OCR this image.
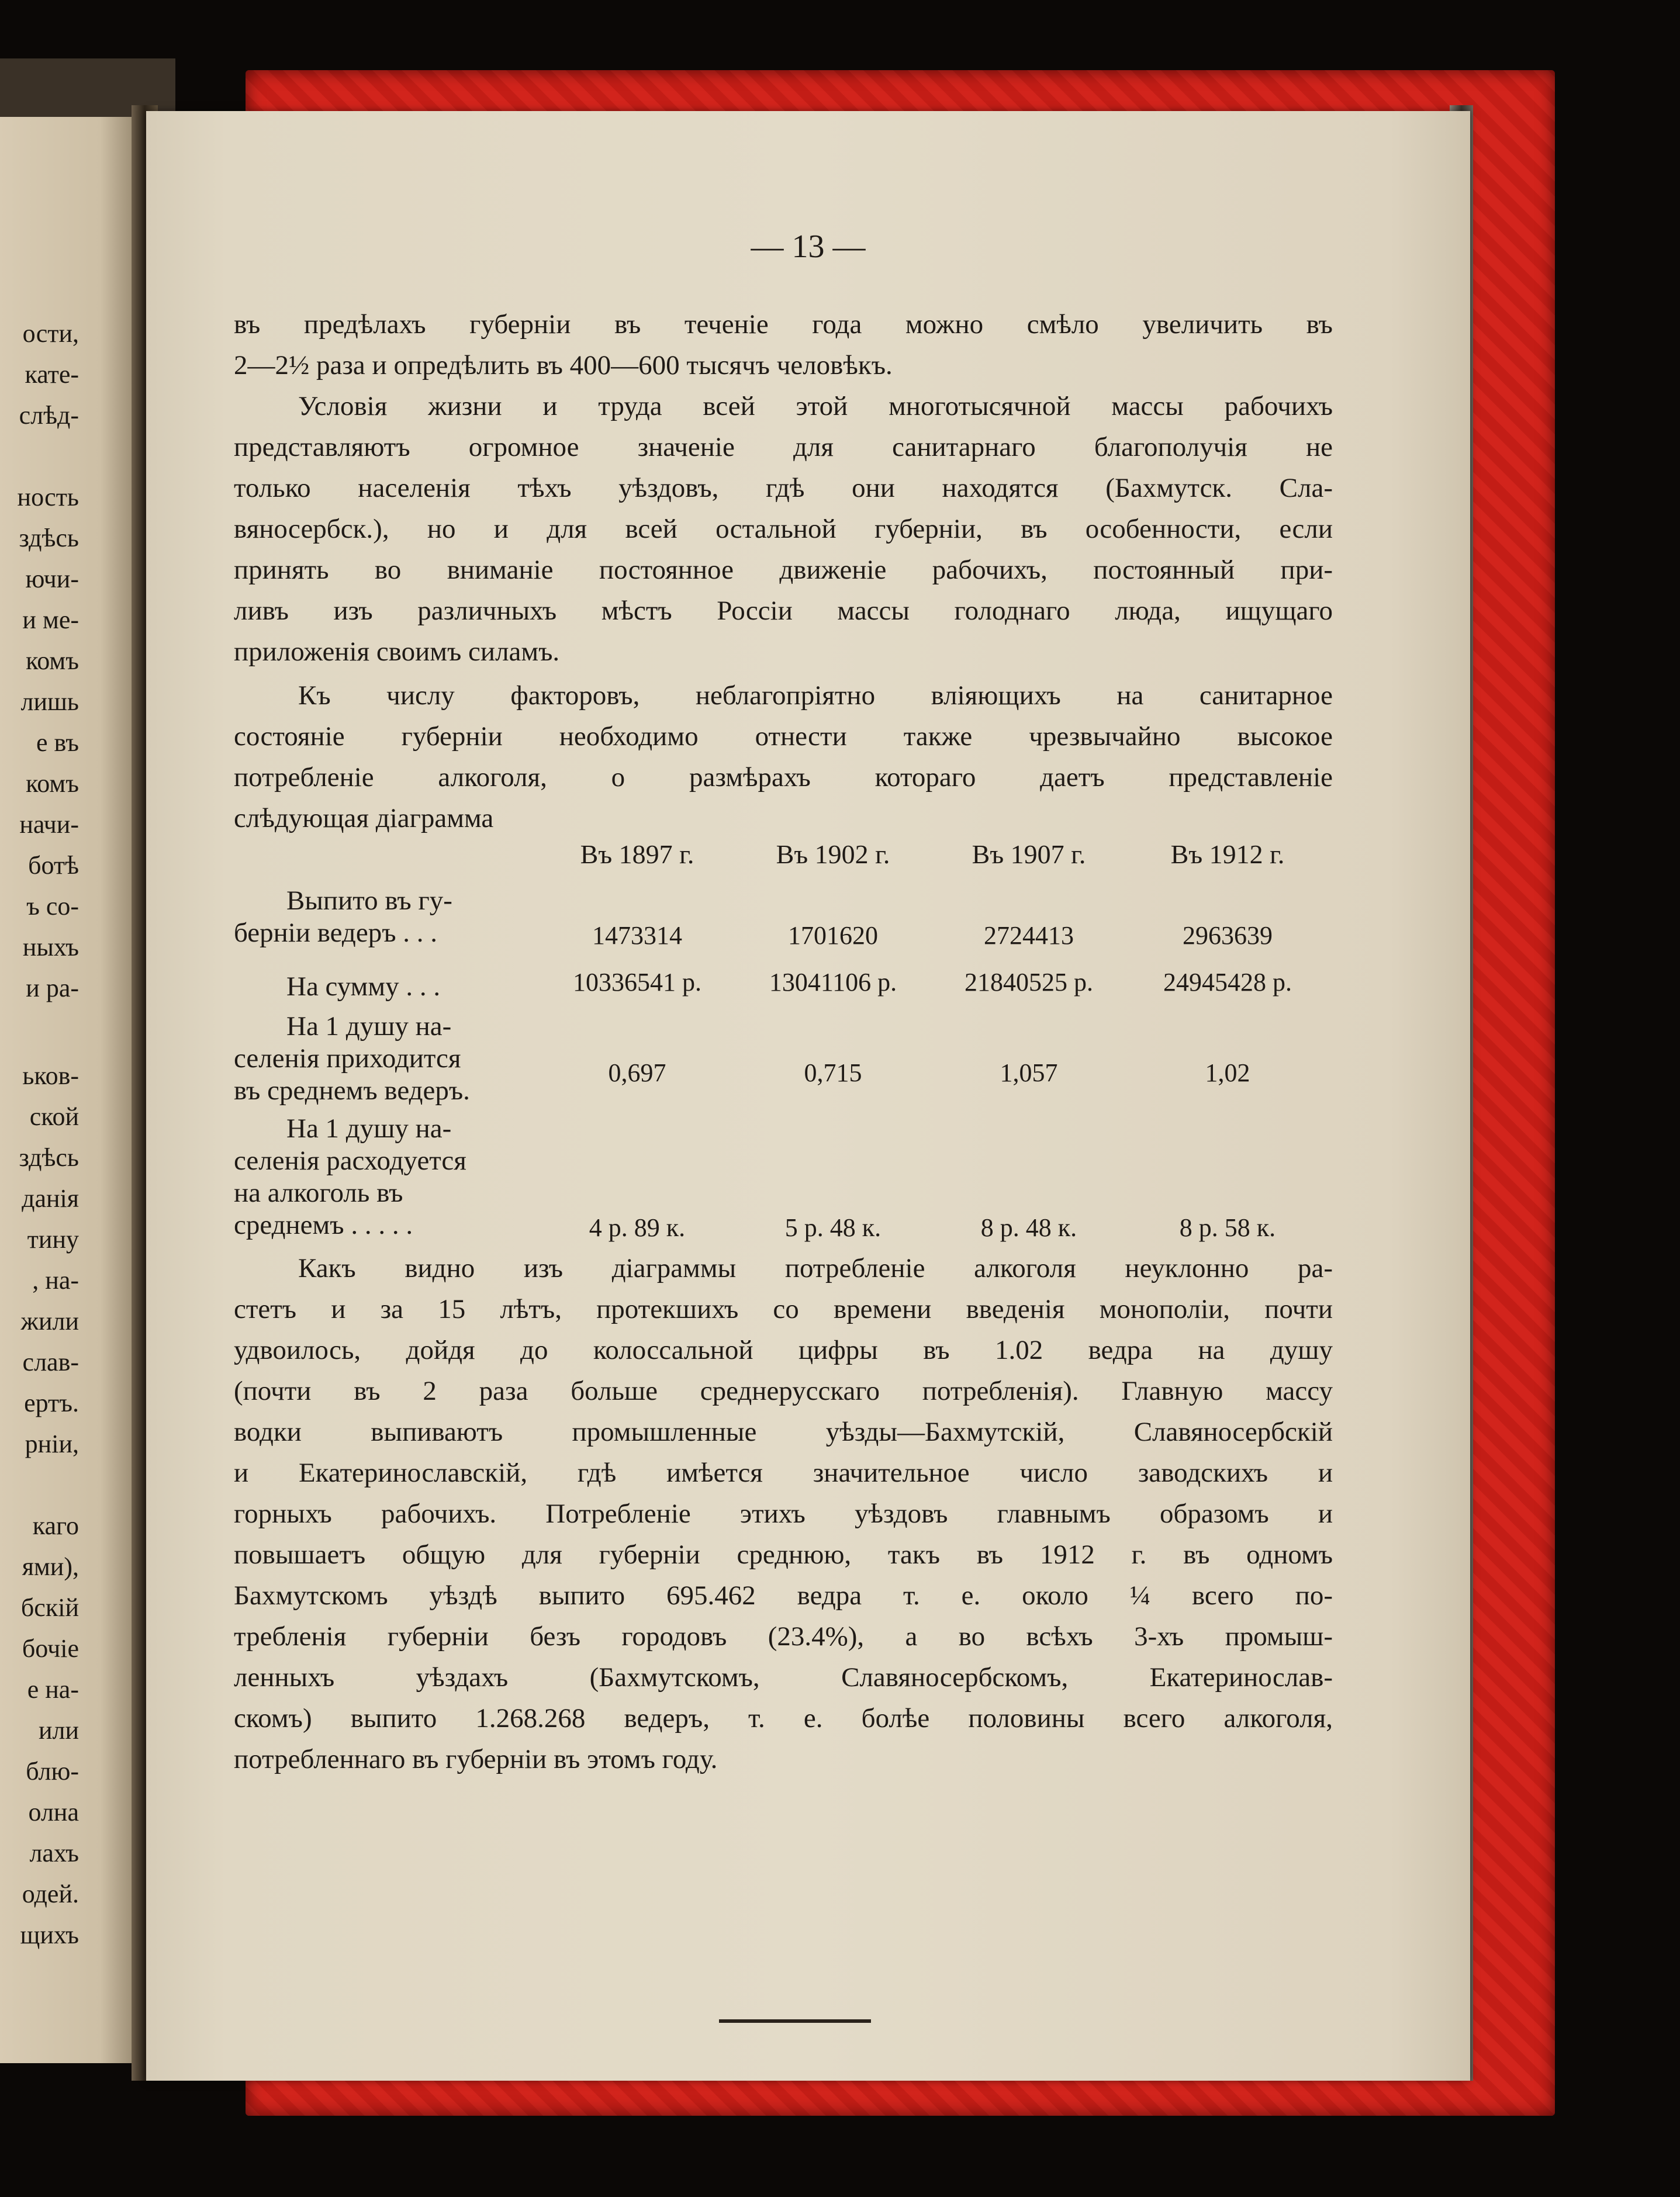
ости,
кате-
слѣд-
ность
здѣсь
ючи-
и ме-
комъ
лишь
е въ
комъ
начи-
ботѣ
ъ со-
ныхъ
и ра-
ьков-
ской
здѣсь
данія
тину
, на-
жили
слав-
ертъ.
рніи,
каго
ями),
бскій
бочіе
е на-
или
блю-
олна
лахъ
одей.
щихъ
— 13 —

въ предѣлахъ губерніи въ теченіе года можно смѣло увеличить въ

2—2½ раза и опредѣлить въ 400—600 тысячъ человѣкъ.

Условія жизни и труда всей этой многотысячной массы рабочихъ

представляютъ огромное значеніе для санитарнаго благополучія не

только населенія тѣхъ уѣздовъ, гдѣ они находятся (Бахмутск. Сла-

вяносербск.), но и для всей остальной губерніи, въ особенности, если

принять во вниманіе постоянное движеніе рабочихъ, постоянный при-

ливъ изъ различныхъ мѣстъ Россіи массы голоднаго люда, ищущаго

приложенія своимъ силамъ.

Къ числу факторовъ, неблагопріятно вліяющихъ на санитарное

состояніе губерніи необходимо отнести также чрезвычайно высокое

потребленіе алкоголя, о размѣрахъ котораго даетъ представленіе

слѣдующая діаграмма

Какъ видно изъ діаграммы потребленіе алкоголя неуклонно ра-

стетъ и за 15 лѣтъ, протекшихъ со времени введенія монополіи, почти

удвоилось, дойдя до колоссальной цифры въ 1.02 ведра на душу

(почти въ 2 раза больше среднерусскаго потребленія). Главную массу

водки выпиваютъ промышленные уѣзды—Бахмутскій, Славяносербскій

и Екатеринославскій, гдѣ имѣется значительное число заводскихъ и

горныхъ рабочихъ. Потребленіе этихъ уѣздовъ главнымъ образомъ и

повышаетъ общую для губерніи среднюю, такъ въ 1912 г. въ одномъ

Бахмутскомъ уѣздѣ выпито 695.462 ведра т. е. около ¼ всего по-

требленія губерніи безъ городовъ (23.4%), а во всѣхъ 3-хъ промыш-

ленныхъ уѣздахъ (Бахмутскомъ, Славяносербскомъ, Екатеринослав-

скомъ) выпито 1.268.268 ведеръ, т. е. болѣе половины всего алкоголя,

потребленнаго въ губерніи въ этомъ году.

Въ 1897 г.	Въ 1902 г.	Въ 1907 г.	Въ 1912 г.
Выпито въ гу-
берніи ведеръ . . .	1473314	1701620	2724413	2963639
На сумму . . .	10336541 р.	13041106 р.	21840525 р.	24945428 р.
На 1 душу на-
селенія приходится
въ среднемъ ведеръ.
0,697	0,715	1,057	1,02
На 1 душу на-
селенія расходуется
на алкоголь въ
среднемъ . . . . .	4 р. 89 к.	5 р. 48 к.	8 р. 48 к.	8 р. 58 к.
